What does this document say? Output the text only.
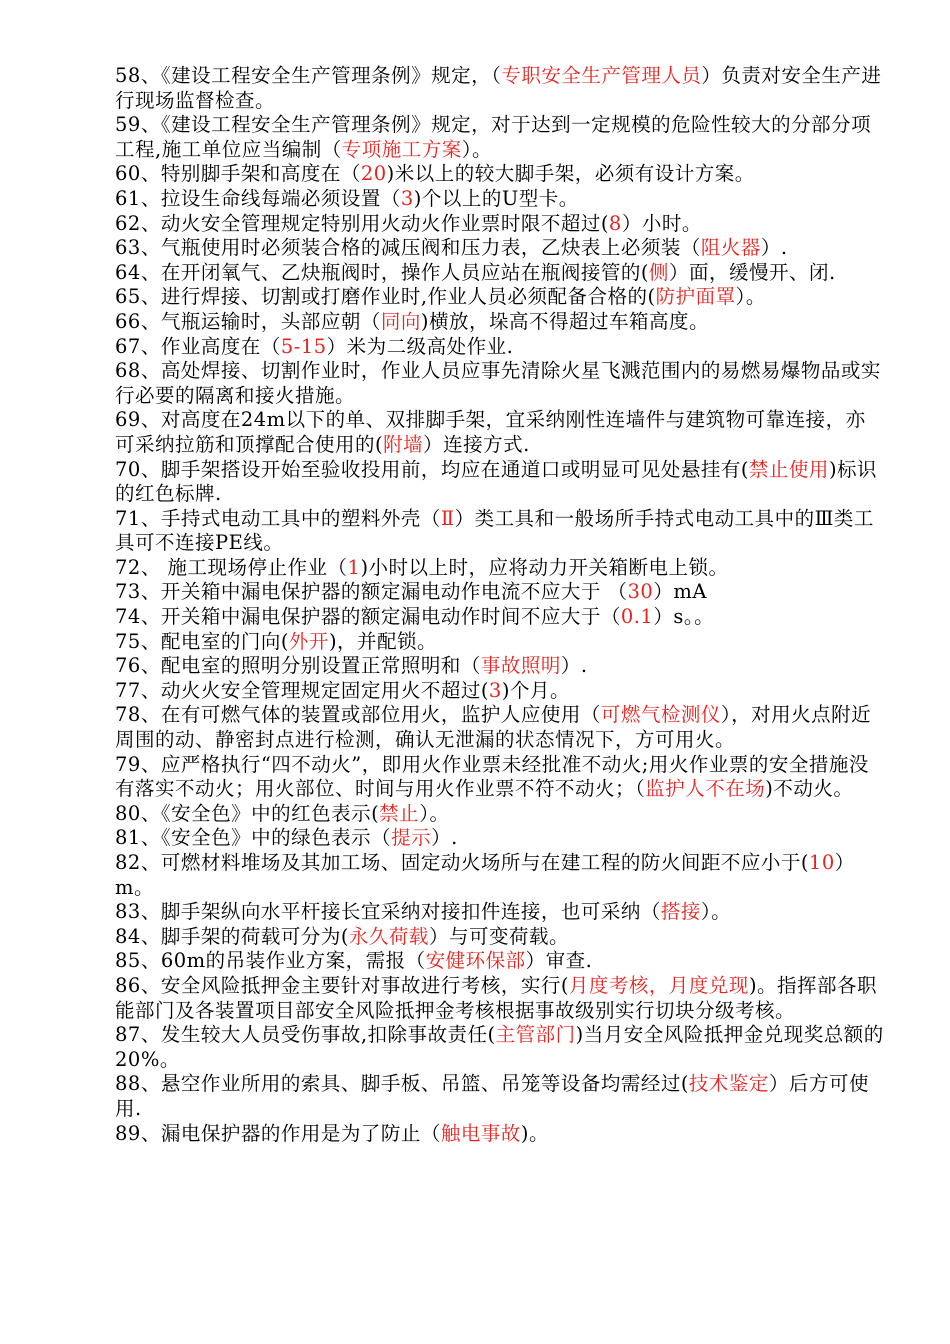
58、《建设工程安全生产管理条例》规定，（专职安全生产管理人员）负责对安全生产进行现场监督检查。

59、《建设工程安全生产管理条例》规定，对于达到一定规模的危险性较大的分部分项工程,施工单位应当编制（专项施工方案）。

60、特别脚手架和高度在（20)米以上的较大脚手架，必须有设计方案。

61、拉设生命线每端必须设置（3)个以上的U型卡。

62、动火安全管理规定特别用火动火作业票时限不超过(8）小时。

63、气瓶使用时必须装合格的减压阀和压力表，乙炔表上必须装（阻火器）.

64、在开闭氧气、乙炔瓶阀时，操作人员应站在瓶阀接管的(侧）面，缓慢开、闭.

65、进行焊接、切割或打磨作业时,作业人员必须配备合格的(防护面罩）。

66、气瓶运输时，头部应朝（同向)横放，垛高不得超过车箱高度。

67、作业高度在（5-15）米为二级高处作业.

68、高处焊接、切割作业时，作业人员应事先清除火星飞溅范围内的易燃易爆物品或实行必要的隔离和接火措施。

69、对高度在24m以下的单、双排脚手架，宜采纳刚性连墙件与建筑物可靠连接，亦可采纳拉筋和顶撑配合使用的(附墙）连接方式.

70、脚手架搭设开始至验收投用前，均应在通道口或明显可见处悬挂有(禁止使用)标识的红色标牌.

71、手持式电动工具中的塑料外壳（Ⅱ）类工具和一般场所手持式电动工具中的Ⅲ类工具可不连接PE线。

72、 施工现场停止作业（1)小时以上时，应将动力开关箱断电上锁。

73、开关箱中漏电保护器的额定漏电动作电流不应大于 （30）mA

74、开关箱中漏电保护器的额定漏电动作时间不应大于（0.1）s。。

75、配电室的门向(外开)，并配锁。

76、配电室的照明分别设置正常照明和（事故照明）.

77、动火火安全管理规定固定用火不超过(3)个月。

78、在有可燃气体的装置或部位用火，监护人应使用（可燃气检测仪），对用火点附近周围的动、静密封点进行检测，确认无泄漏的状态情况下，方可用火。

79、应严格执行“四不动火”，即用火作业票未经批准不动火;用火作业票的安全措施没有落实不动火；用火部位、时间与用火作业票不符不动火；（监护人不在场)不动火。

80、《安全色》中的红色表示(禁止）。

81、《安全色》中的绿色表示（提示）.

82、可燃材料堆场及其加工场、固定动火场所与在建工程的防火间距不应小于(10）m。

83、脚手架纵向水平杆接长宜采纳对接扣件连接，也可采纳（搭接）。

84、脚手架的荷载可分为(永久荷载）与可变荷载。

85、60m的吊装作业方案，需报（安健环保部）审查.

86、安全风险抵押金主要针对事故进行考核，实行(月度考核，月度兑现)。指挥部各职能部门及各装置项目部安全风险抵押金考核根据事故级别实行切块分级考核。

87、发生较大人员受伤事故,扣除事故责任(主管部门)当月安全风险抵押金兑现奖总额的20%。

88、悬空作业所用的索具、脚手板、吊篮、吊笼等设备均需经过(技术鉴定）后方可使用.

89、漏电保护器的作用是为了防止（触电事故)。
